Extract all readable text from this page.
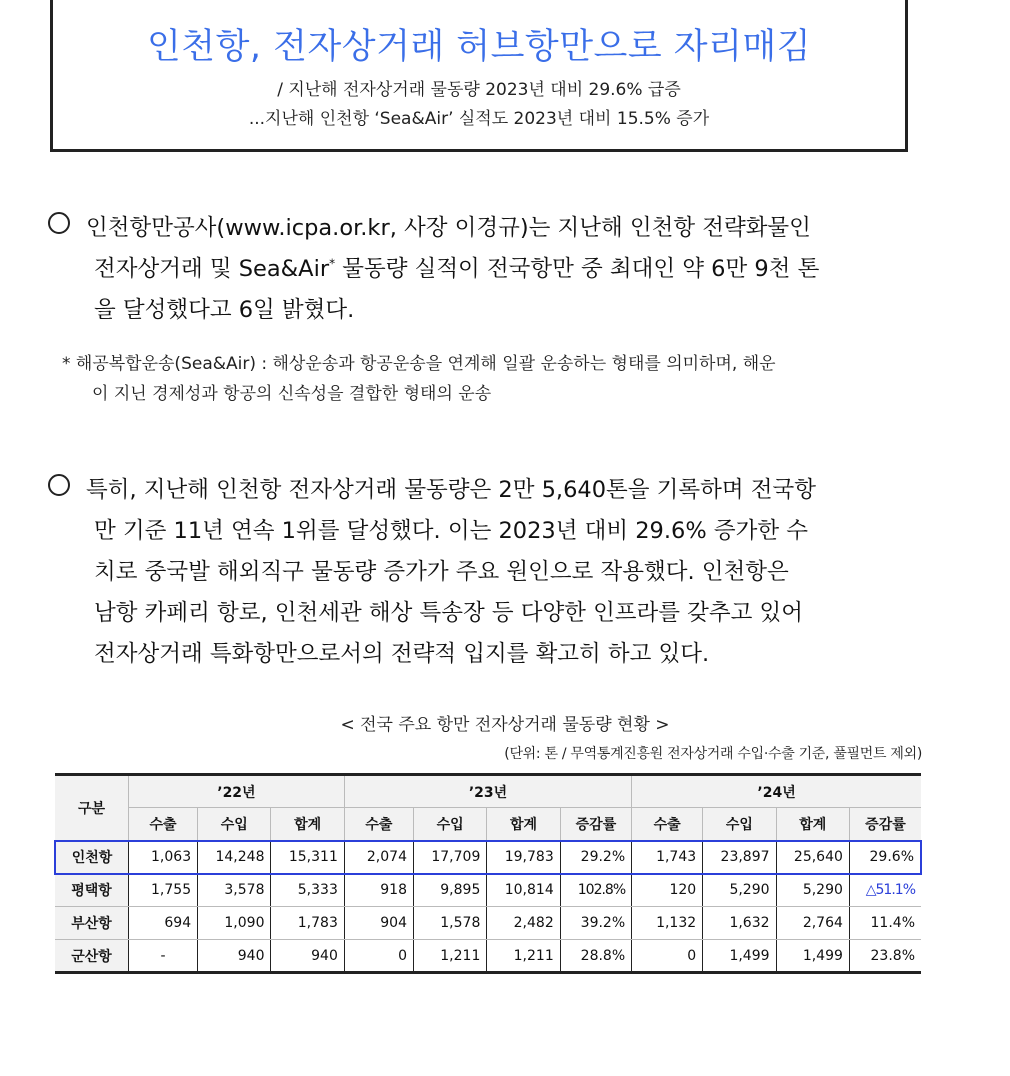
인천항, 전자상거래 허브항만으로 자리매김
/ 지난해 전자상거래 물동량 2023년 대비 29.6% 급증
...지난해 인천항 ‘Sea&Air’ 실적도 2023년 대비 15.5% 증가
인천항만공사(www.icpa.or.kr, 사장 이경규)는 지난해 인천항 전략화물인
전자상거래 및 Sea&Air* 물동량 실적이 전국항만 중 최대인 약 6만 9천 톤
을 달성했다고 6일 밝혔다.
* 해공복합운송(Sea&Air) : 해상운송과 항공운송을 연계해 일괄 운송하는 형태를 의미하며, 해운
이 지닌 경제성과 항공의 신속성을 결합한 형태의 운송
특히, 지난해 인천항 전자상거래 물동량은 2만 5,640톤을 기록하며 전국항
만 기준 11년 연속 1위를 달성했다. 이는 2023년 대비 29.6% 증가한 수
치로 중국발 해외직구 물동량 증가가 주요 원인으로 작용했다. 인천항은
남항 카페리 항로, 인천세관 해상 특송장 등 다양한 인프라를 갖추고 있어
전자상거래 특화항만으로서의 전략적 입지를 확고히 하고 있다.
< 전국 주요 항만 전자상거래 물동량 현황 >
(단위: 톤 / 무역통계진흥원 전자상거래 수입·수출 기준, 풀필먼트 제외)
구분	’22년			’23년				’24년			
	수출	수입	합계	수출	수입	합계	증감률	수출	수입	합계	증감률
인천항	1,063	14,248	15,311	2,074	17,709	19,783	29.2%	1,743	23,897	25,640	29.6%
평택항	1,755	3,578	5,333	918	9,895	10,814	102.8%	120	5,290	5,290	△51.1%
부산항	694	1,090	1,783	904	1,578	2,482	39.2%	1,132	1,632	2,764	11.4%
군산항	-	940	940	0	1,211	1,211	28.8%	0	1,499	1,499	23.8%
